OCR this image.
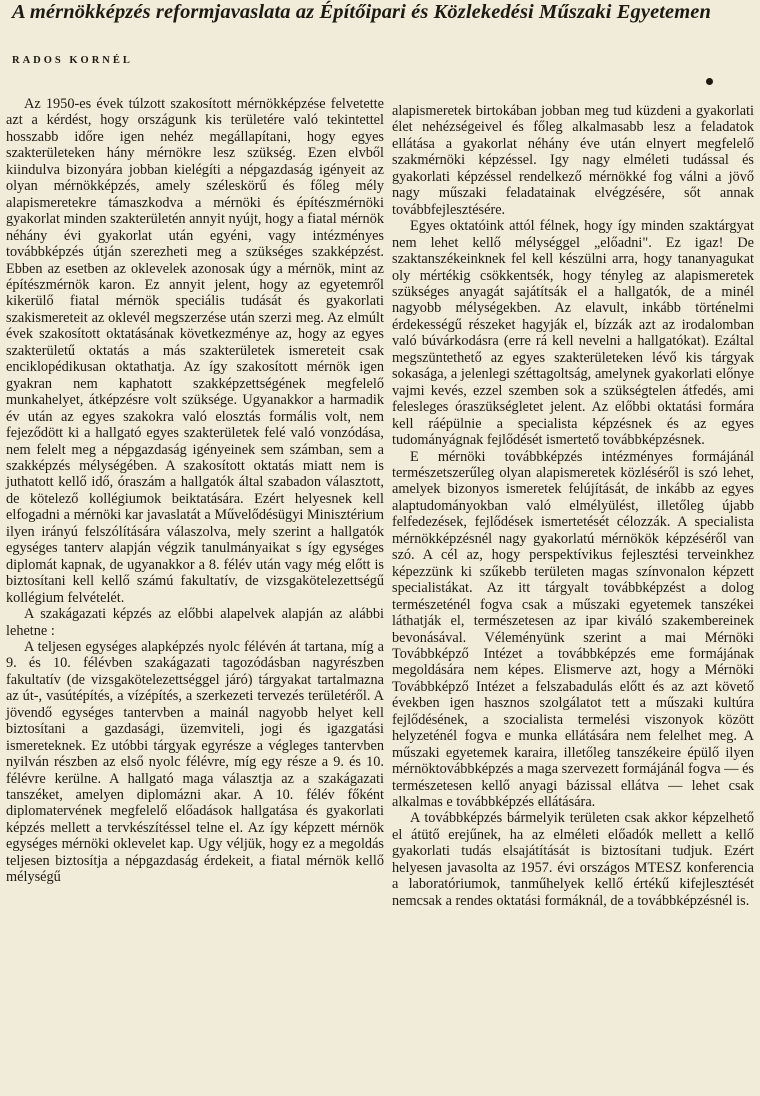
A mérnökképzés reformjavaslata az Építőipari és Közlekedési Műszaki Egyetemen
RADOS KORNÉL

Az 1950-es évek túlzott szakosított mérnökképzése felvetette azt a kérdést, hogy országunk kis területére való tekintettel hosszabb időre igen nehéz megállapítani, hogy egyes szakterületeken hány mérnökre lesz szükség. Ezen elvből kiindulva bizonyára jobban kielégíti a népgazdaság igényeit az olyan mérnökképzés, amely széleskörű és főleg mély alapismeretekre támaszkodva a mérnöki és építészmérnöki gyakorlat minden szakterületén annyit nyújt, hogy a fiatal mérnök néhány évi gyakorlat után egyéni, vagy intézményes továbbképzés útján szerezheti meg a szükséges szakképzést. Ebben az esetben az oklevelek azonosak úgy a mérnök, mint az építészmérnök karon. Ez annyit jelent, hogy az egyetemről kikerülő fiatal mérnök speciális tudását és gyakorlati szakismereteit az oklevél megszerzése után szerzi meg. Az elmúlt évek szakosított oktatásának következménye az, hogy az egyes szakterületű oktatás a más szakterületek ismereteit csak enciklopédikusan oktathatja. Az így szakosított mérnök igen gyakran nem kaphatott szakképzettségének megfelelő munkahelyet, átképzésre volt szüksége. Ugyanakkor a harmadik év után az egyes szakokra való elosztás formális volt, nem fejeződött ki a hallgató egyes szakterületek felé való vonzódása, nem felelt meg a népgazdaság igényeinek sem számban, sem a szakképzés mélységében. A szakosított oktatás miatt nem is juthatott kellő idő, óraszám a hallgatók által szabadon választott, de kötelező kollégiumok beiktatására. Ezért helyesnek kell elfogadni a mérnöki kar javaslatát a Művelődésügyi Minisztérium ilyen irányú felszólítására válaszolva, mely szerint a hallgatók egységes tanterv alapján végzik tanulmányaikat s így egységes diplomát kapnak, de ugyanakkor a 8. félév után vagy még előtt is biztosítani kell kellő számú fakultatív, de vizsgakötelezettségű kollégium felvételét.

A szakágazati képzés az előbbi alapelvek alapján az alábbi lehetne :

A teljesen egységes alapképzés nyolc félévén át tartana, míg a 9. és 10. félévben szakágazati tagozódásban nagyrészben fakultatív (de vizsgakötelezettséggel járó) tárgyakat tartalmazna az út-, vasútépítés, a vízépítés, a szerkezeti tervezés területéről. A jövendő egységes tantervben a mainál nagyobb helyet kell biztosítani a gazdasági, üzemviteli, jogi és igazgatási ismereteknek. Ez utóbbi tárgyak egyrésze a végleges tantervben nyilván részben az első nyolc félévre, míg egy része a 9. és 10. félévre kerülne. A hallgató maga választja az a szakágazati tanszéket, amelyen diplomázni akar. A 10. félév főként diplomatervének megfelelő előadások hallgatása és gyakorlati képzés mellett a tervkészítéssel telne el. Az így képzett mérnök egységes mérnöki oklevelet kap. Ugy véljük, hogy ez a megoldás teljesen biztosítja a népgazdaság érdekeit, a fiatal mérnök kellő mélységű

alapismeretek birtokában jobban meg tud küzdeni a gyakorlati élet nehézségeivel és főleg alkalmasabb lesz a feladatok ellátása a gyakorlat néhány éve után elnyert megfelelő szakmérnöki képzéssel. Igy nagy elméleti tudással és gyakorlati képzéssel rendelkező mérnökké fog válni a jövő nagy műszaki feladatainak elvégzésére, sőt annak továbbfejlesztésére.

Egyes oktatóink attól félnek, hogy így minden szaktárgyat nem lehet kellő mélységgel „előadni". Ez igaz! De szaktanszékeinknek fel kell készülni arra, hogy tananyagukat oly mértékig csökkentsék, hogy tényleg az alapismeretek szükséges anyagát sajátítsák el a hallgatók, de a minél nagyobb mélységekben. Az elavult, inkább történelmi érdekességű részeket hagyják el, bízzák azt az irodalomban való búvárkodásra (erre rá kell nevelni a hallgatókat). Ezáltal megszüntethető az egyes szakterületeken lévő kis tárgyak sokasága, a jelenlegi széttagoltság, amelynek gyakorlati előnye vajmi kevés, ezzel szemben sok a szükségtelen átfedés, ami felesleges óraszükségletet jelent. Az előbbi oktatási formára kell ráépülnie a specialista képzésnek és az egyes tudományágnak fejlődését ismertető továbbképzésnek.

E mérnöki továbbképzés intézményes formájánál természetszerűleg olyan alapismeretek közléséről is szó lehet, amelyek bizonyos ismeretek felújítását, de inkább az egyes alaptudományokban való elmélyülést, illetőleg újabb felfedezések, fejlődések ismertetését célozzák. A specialista mérnökképzésnél nagy gyakorlatú mérnökök képzéséről van szó. A cél az, hogy perspektívikus fejlesztési terveinkhez képezzünk ki szűkebb területen magas színvonalon képzett specialistákat. Az itt tárgyalt továbbképzést a dolog természeténél fogva csak a műszaki egyetemek tanszékei láthatják el, természetesen az ipar kiváló szakembereinek bevonásával. Véleményünk szerint a mai Mérnöki Továbbképző Intézet a továbbképzés eme formájának megoldására nem képes. Elismerve azt, hogy a Mérnöki Továbbképző Intézet a felszabadulás előtt és az azt követő években igen hasznos szolgálatot tett a műszaki kultúra fejlődésének, a szocialista termelési viszonyok között helyzeténél fogva e munka ellátására nem felelhet meg. A műszaki egyetemek karaira, illetőleg tanszékeire épülő ilyen mérnöktovábbképzés a maga szervezett formájánál fogva — és természetesen kellő anyagi bázissal ellátva — lehet csak alkalmas e továbbképzés ellátására.

A továbbképzés bármelyik területen csak akkor képzelhető el átütő erejűnek, ha az elméleti előadók mellett a kellő gyakorlati tudás elsajátítását is biztosítani tudjuk. Ezért helyesen javasolta az 1957. évi országos MTESZ konferencia a laboratóriumok, tanműhelyek kellő értékű kifejlesztését nemcsak a rendes oktatási formáknál, de a továbbképzésnél is.
